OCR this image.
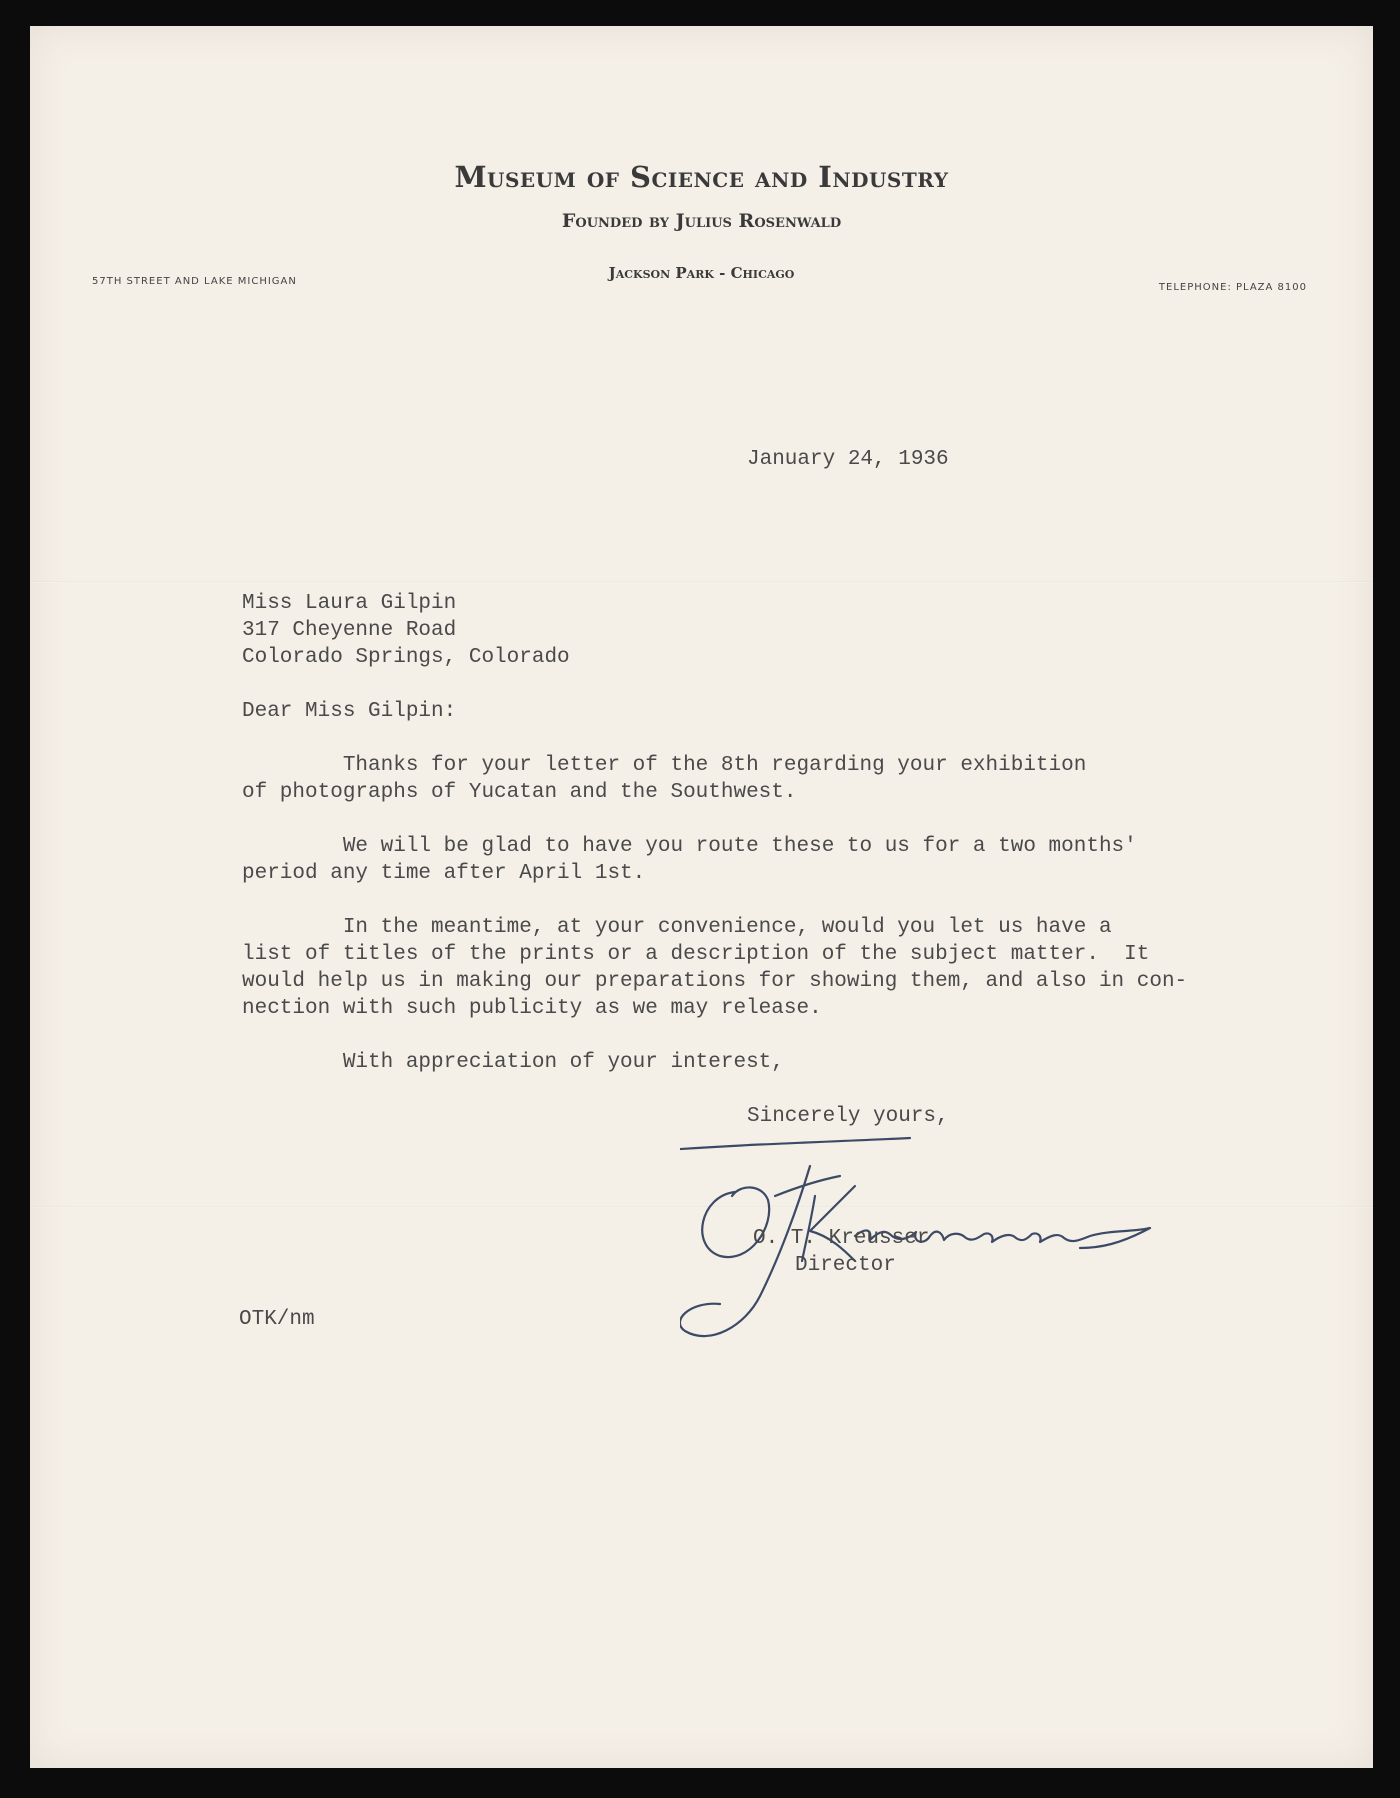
Museum of Science and Industry
Founded by Julius Rosenwald
Jackson Park - Chicago
57TH STREET AND LAKE MICHIGAN
TELEPHONE: PLAZA 8100
January 24, 1936
Miss Laura Gilpin
317 Cheyenne Road
Colorado Springs, Colorado
Dear Miss Gilpin:
Thanks for your letter of the 8th regarding your exhibition
of photographs of Yucatan and the Southwest.
We will be glad to have you route these to us for a two months'
period any time after April 1st.
In the meantime, at your convenience, would you let us have a
list of titles of the prints or a description of the subject matter.  It
would help us in making our preparations for showing them, and also in con-
nection with such publicity as we may release.
With appreciation of your interest,
Sincerely yours,
O. T. Kreusser
Director
OTK/nm
